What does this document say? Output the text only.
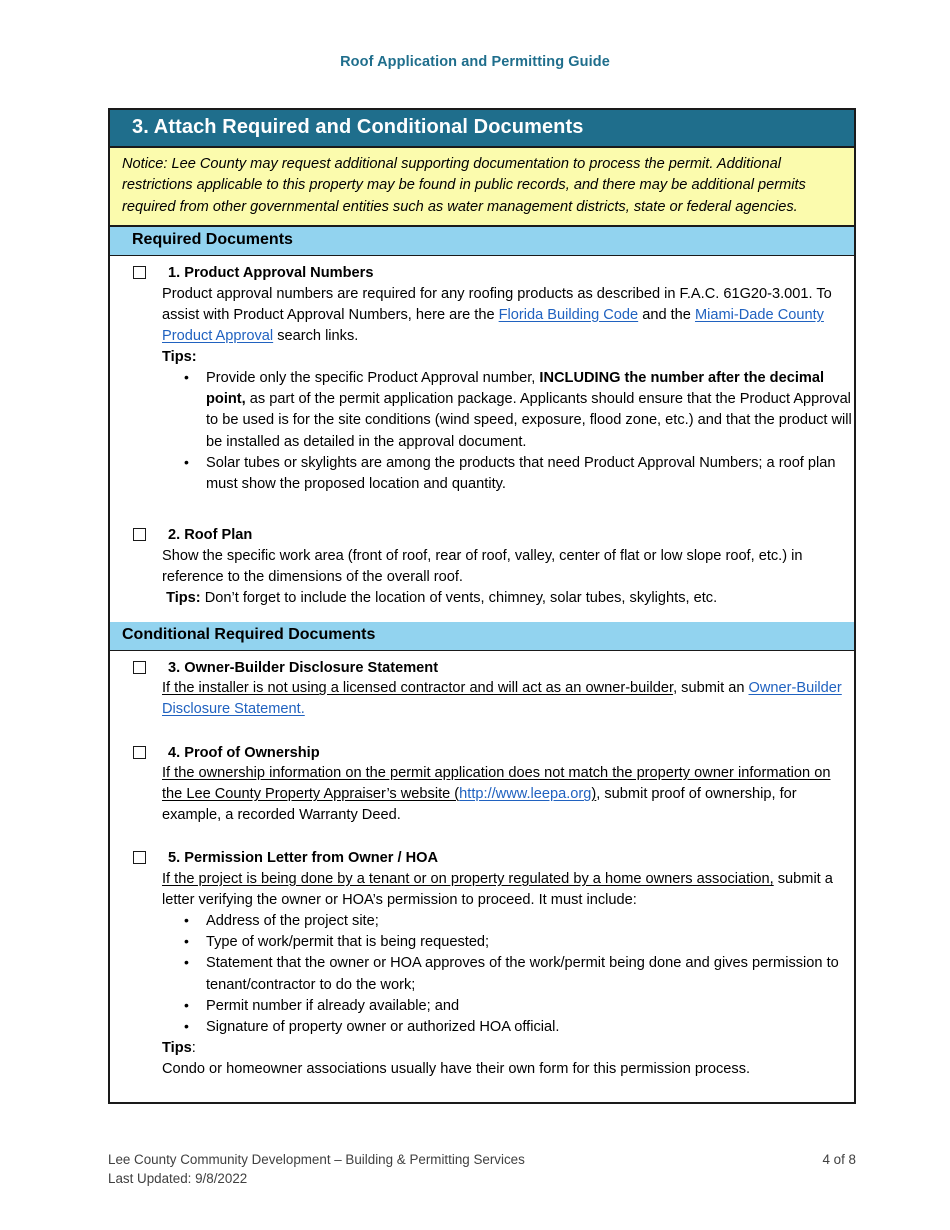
Roof Application and Permitting Guide
3. Attach Required and Conditional Documents
Notice: Lee County may request additional supporting documentation to process the permit. Additional restrictions applicable to this property may be found in public records, and there may be additional permits required from other governmental entities such as water management districts, state or federal agencies.
Required Documents
1. Product Approval Numbers
Product approval numbers are required for any roofing products as described in F.A.C. 61G20-3.001. To assist with Product Approval Numbers, here are the Florida Building Code and the Miami-Dade County Product Approval search links.
Tips:
• Provide only the specific Product Approval number, INCLUDING the number after the decimal point, as part of the permit application package. Applicants should ensure that the Product Approval to be used is for the site conditions (wind speed, exposure, flood zone, etc.) and that the product will be installed as detailed in the approval document.
• Solar tubes or skylights are among the products that need Product Approval Numbers; a roof plan must show the proposed location and quantity.
2. Roof Plan
Show the specific work area (front of roof, rear of roof, valley, center of flat or low slope roof, etc.) in reference to the dimensions of the overall roof.
Tips: Don’t forget to include the location of vents, chimney, solar tubes, skylights, etc.
Conditional Required Documents
3. Owner-Builder Disclosure Statement
If the installer is not using a licensed contractor and will act as an owner-builder, submit an Owner-Builder Disclosure Statement.
4. Proof of Ownership
If the ownership information on the permit application does not match the property owner information on the Lee County Property Appraiser’s website (http://www.leepa.org), submit proof of ownership, for example, a recorded Warranty Deed.
5. Permission Letter from Owner / HOA
If the project is being done by a tenant or on property regulated by a home owners association, submit a letter verifying the owner or HOA’s permission to proceed. It must include:
• Address of the project site;
• Type of work/permit that is being requested;
• Statement that the owner or HOA approves of the work/permit being done and gives permission to tenant/contractor to do the work;
• Permit number if already available; and
• Signature of property owner or authorized HOA official.
Tips:
Condo or homeowner associations usually have their own form for this permission process.
Lee County Community Development – Building & Permitting Services
Last Updated: 9/8/2022
4 of 8
